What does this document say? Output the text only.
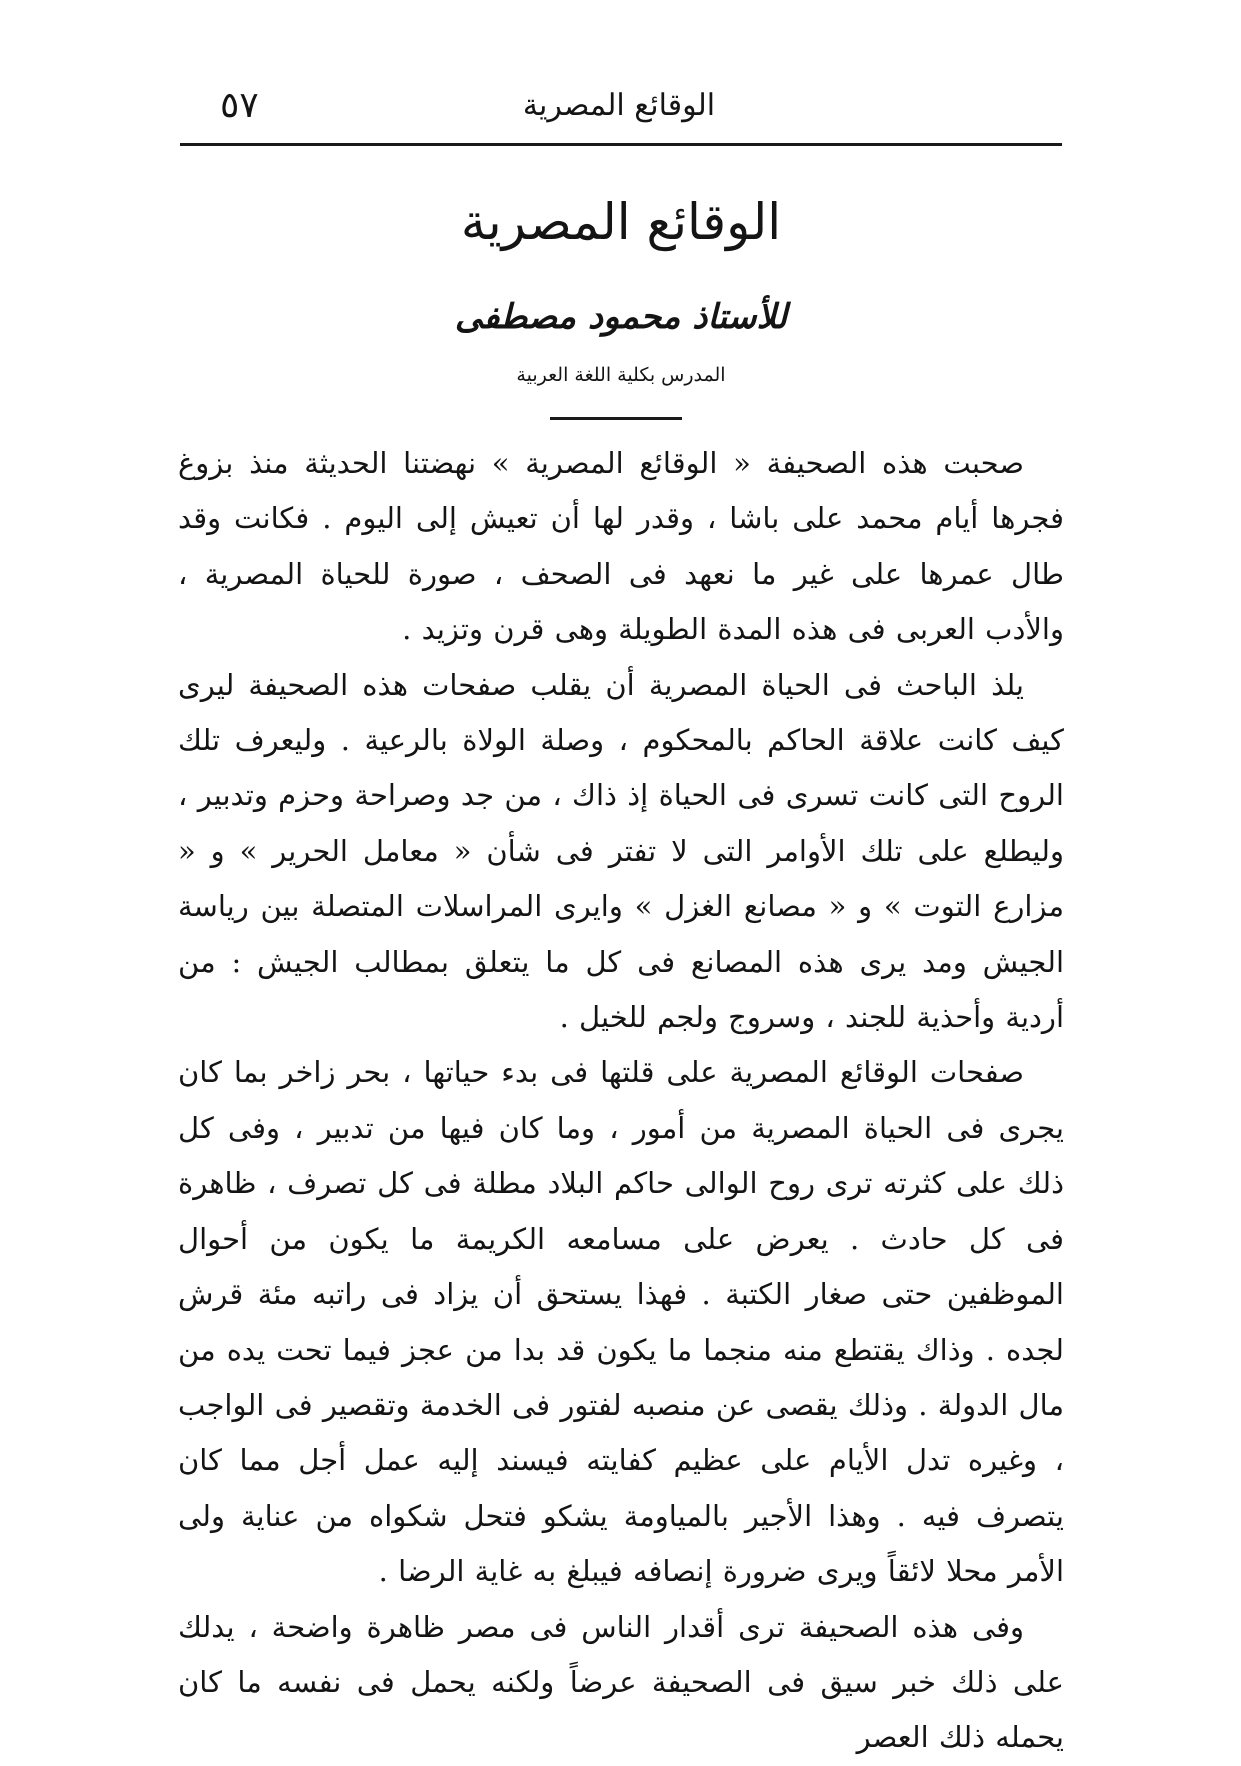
٥٧	الوقائع المصرية
الوقائع المصرية
للأستاذ محمود مصطفى
المدرس بكلية اللغة العربية

صحبت هذه الصحيفة « الوقائع المصرية » نهضتنا الحديثة منذ بزوغ فجرها أيام محمد على باشا ، وقدر لها أن تعيش إلى اليوم . فكانت وقد طال عمرها على غير ما نعهد فى الصحف ، صورة للحياة المصرية ، والأدب العربى فى هذه المدة الطويلة وهى قرن وتزيد .

يلذ الباحث فى الحياة المصرية أن يقلب صفحات هذه الصحيفة ليرى كيف كانت علاقة الحاكم بالمحكوم ، وصلة الولاة بالرعية . وليعرف تلك الروح التى كانت تسرى فى الحياة إذ ذاك ، من جد وصراحة وحزم وتدبير ، وليطلع على تلك الأوامر التى لا تفتر فى شأن « معامل الحرير » و « مزارع التوت » و « مصانع الغزل » وايرى المراسلات المتصلة بين رياسة الجيش ومد يرى هذه المصانع فى كل ما يتعلق بمطالب الجيش : من أردية وأحذية للجند ، وسروج ولجم للخيل .

صفحات الوقائع المصرية على قلتها فى بدء حياتها ، بحر زاخر بما كان يجرى فى الحياة المصرية من أمور ، وما كان فيها من تدبير ، وفى كل ذلك على كثرته ترى روح الوالى حاكم البلاد مطلة فى كل تصرف ، ظاهرة فى كل حادث . يعرض على مسامعه الكريمة ما يكون من أحوال الموظفين حتى صغار الكتبة . فهذا يستحق أن يزاد فى راتبه مئة قرش لجده . وذاك يقتطع منه منجما ما يكون قد بدا من عجز فيما تحت يده من مال الدولة . وذلك يقصى عن منصبه لفتور فى الخدمة وتقصير فى الواجب ، وغيره تدل الأيام على عظيم كفايته فيسند إليه عمل أجل مما كان يتصرف فيه . وهذا الأجير بالمياومة يشكو فتحل شكواه من عناية ولى الأمر محلا لائقاً ويرى ضرورة إنصافه فيبلغ به غاية الرضا .

وفى هذه الصحيفة ترى أقدار الناس فى مصر ظاهرة واضحة ، يدلك على ذلك خبر سيق فى الصحيفة عرضاً ولكنه يحمل فى نفسه ما كان يحمله ذلك العصر
